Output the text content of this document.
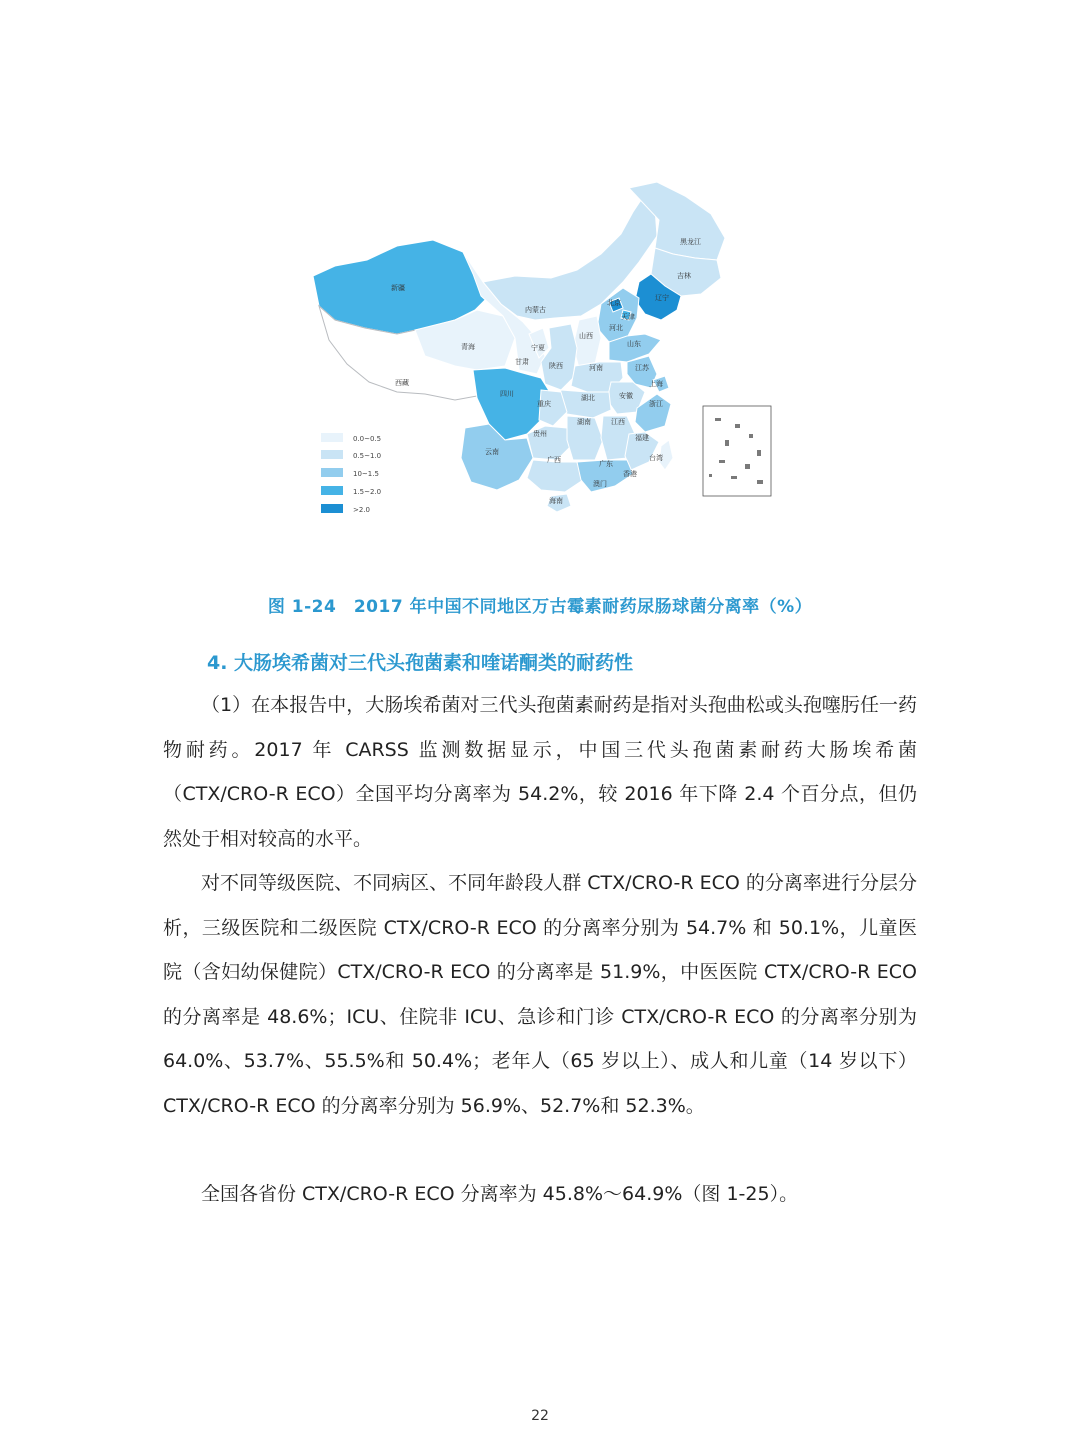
新疆
西藏
青海
甘肃
宁夏
内蒙古
黑龙江
吉林
辽宁
北京
天津
河北
山西
山东
陕西	河南	江苏
上海
四川
重庆
湖北	安徽
浙江
贵州
湖南	江西
福建
云南
广西	广东
台湾
香港
澳门
海南
0.0~0.5
0.5~1.0
10~1.5
1.5~2.0
>2.0
图 1-24　2017 年中国不同地区万古霉素耐药尿肠球菌分离率（%）
4. 大肠埃希菌对三代头孢菌素和喹诺酮类的耐药性
（1）在本报告中，大肠埃希菌对三代头孢菌素耐药是指对头孢曲松或头孢噻肟任一药物耐药。2017 年 CARSS 监测数据显示，中国三代头孢菌素耐药大肠埃希菌（CTX/CRO-R ECO）全国平均分离率为 54.2%，较 2016 年下降 2.4 个百分点，但仍然处于相对较高的水平。
对不同等级医院、不同病区、不同年龄段人群 CTX/CRO-R ECO 的分离率进行分层分析，三级医院和二级医院 CTX/CRO-R ECO 的分离率分别为 54.7% 和 50.1%，儿童医院（含妇幼保健院）CTX/CRO-R ECO 的分离率是 51.9%，中医医院 CTX/CRO-R ECO 的分离率是 48.6%；ICU、住院非 ICU、急诊和门诊 CTX/CRO-R ECO 的分离率分别为 64.0%、53.7%、55.5%和 50.4%；老年人（65 岁以上）、成人和儿童（14 岁以下）CTX/CRO-R ECO 的分离率分别为 56.9%、52.7%和 52.3%。
全国各省份 CTX/CRO-R ECO 分离率为 45.8%～64.9%（图 1-25）。
22
